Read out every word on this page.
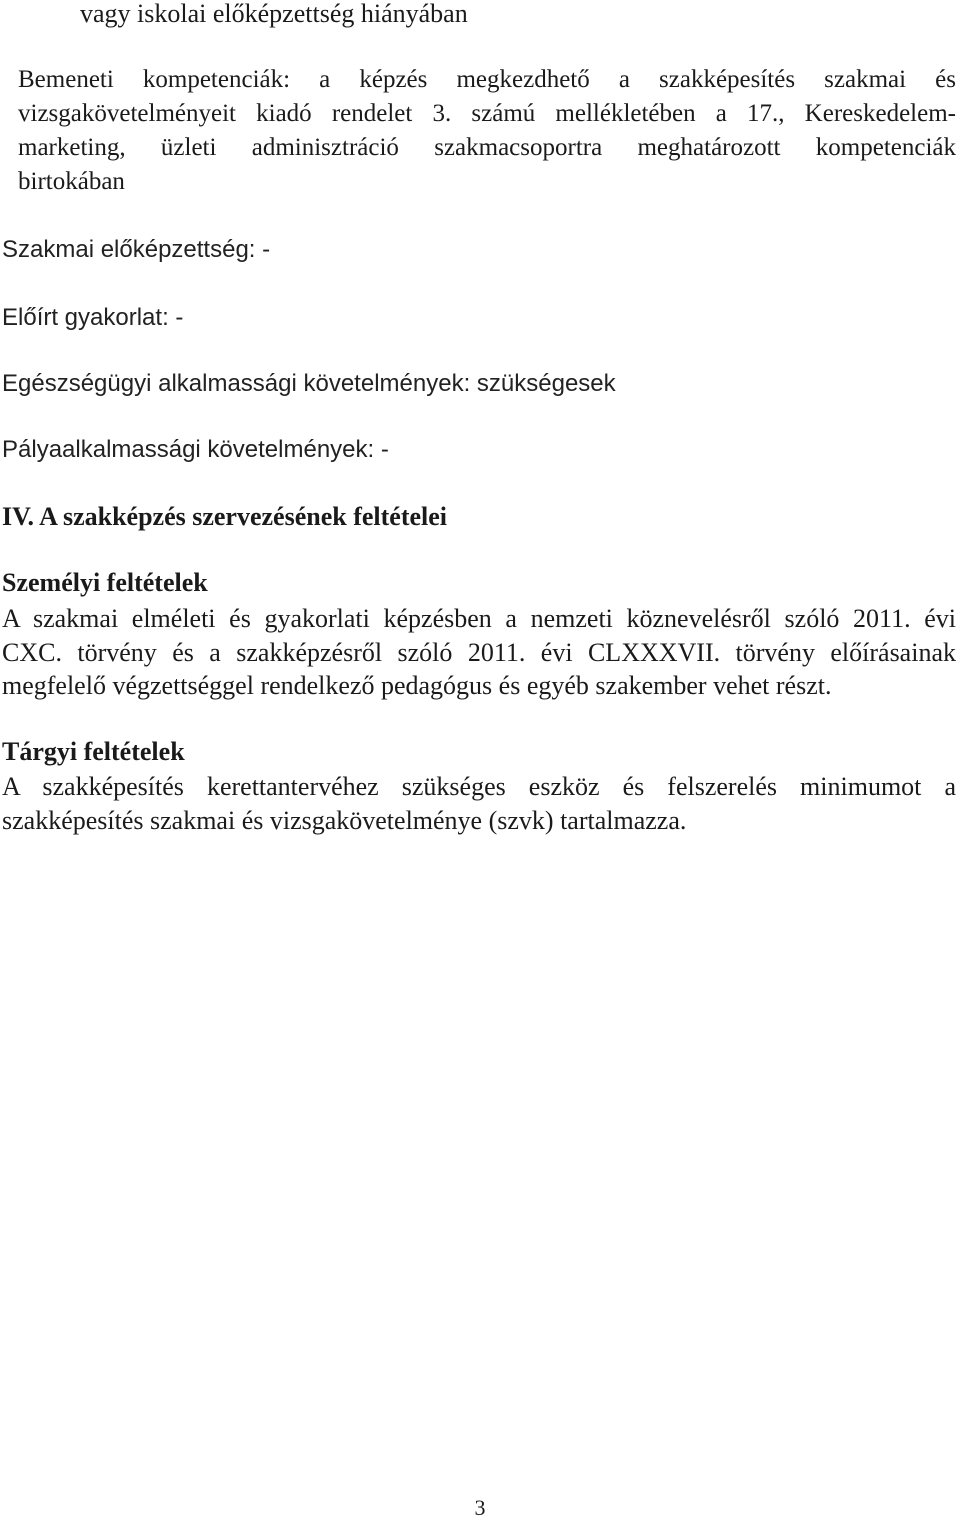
vagy iskolai előképzettség hiányában
Bemeneti kompetenciák: a képzés megkezdhető a szakképesítés szakmai és
vizsgakövetelményeit kiadó rendelet 3. számú mellékletében a 17., Kereskedelem-
marketing, üzleti adminisztráció szakmacsoportra meghatározott kompetenciák
birtokában
Szakmai előképzettség: -
Előírt gyakorlat: -
Egészségügyi alkalmassági követelmények: szükségesek
Pályaalkalmassági követelmények: -
IV. A szakképzés szervezésének feltételei
Személyi feltételek
A szakmai elméleti és gyakorlati képzésben a nemzeti köznevelésről szóló 2011. évi
CXC. törvény és a szakképzésről szóló 2011. évi CLXXXVII. törvény előírásainak
megfelelő végzettséggel rendelkező pedagógus és egyéb szakember vehet részt.
Tárgyi feltételek
A szakképesítés kerettantervéhez szükséges eszköz és felszerelés minimumot a
szakképesítés szakmai és vizsgakövetelménye (szvk) tartalmazza.
3
